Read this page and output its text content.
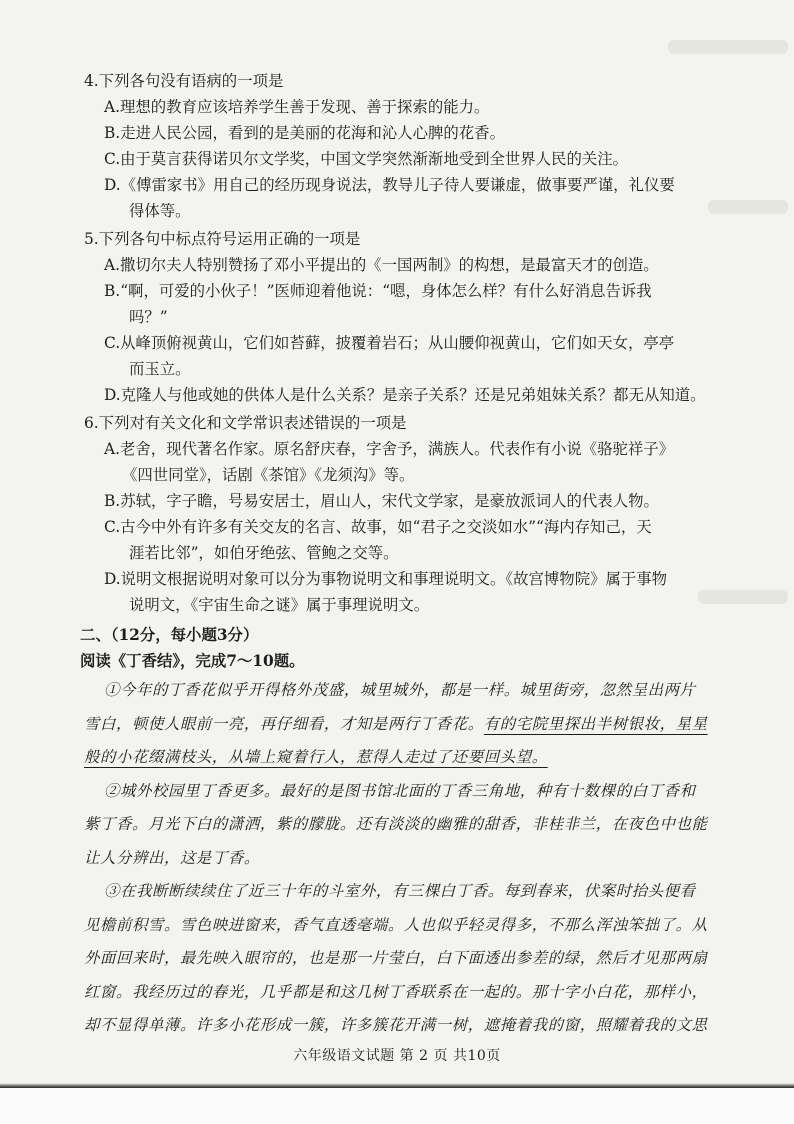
4.下列各句没有语病的一项是
A.理想的教育应该培养学生善于发现、善于探索的能力。
B.走进人民公园，看到的是美丽的花海和沁人心脾的花香。
C.由于莫言获得诺贝尔文学奖，中国文学突然渐渐地受到全世界人民的关注。
D.《傅雷家书》用自己的经历现身说法，教导儿子待人要谦虚，做事要严谨，礼仪要
得体等。
5.下列各句中标点符号运用正确的一项是
A.撒切尔夫人特别赞扬了邓小平提出的《一国两制》的构想，是最富天才的创造。
B.“啊，可爱的小伙子！”医师迎着他说：“嗯，身体怎么样？有什么好消息告诉我
吗？”
C.从峰顶俯视黄山，它们如苔藓，披覆着岩石；从山腰仰视黄山，它们如天女，亭亭
而玉立。
D.克隆人与他或她的供体人是什么关系？是亲子关系？还是兄弟姐妹关系？都无从知道。
6.下列对有关文化和文学常识表述错误的一项是
A.老舍，现代著名作家。原名舒庆春，字舍予，满族人。代表作有小说《骆驼祥子》
《四世同堂》，话剧《茶馆》《龙须沟》等。
B.苏轼，字子瞻，号易安居士，眉山人，宋代文学家，是豪放派词人的代表人物。
C.古今中外有许多有关交友的名言、故事，如“君子之交淡如水”“海内存知己，天
涯若比邻”，如伯牙绝弦、管鲍之交等。
D.说明文根据说明对象可以分为事物说明文和事理说明文。《故宫博物院》属于事物
说明文，《宇宙生命之谜》属于事理说明文。
二、（12分，每小题3分）
阅读《丁香结》，完成7～10题。
①今年的丁香花似乎开得格外茂盛，城里城外，都是一样。城里街旁，忽然呈出两片
雪白，顿使人眼前一亮，再仔细看，才知是两行丁香花。有的宅院里探出半树银妆，星星
般的小花缀满枝头，从墙上窥着行人，惹得人走过了还要回头望。
②城外校园里丁香更多。最好的是图书馆北面的丁香三角地，种有十数棵的白丁香和
紫丁香。月光下白的潇洒，紫的朦胧。还有淡淡的幽雅的甜香，非桂非兰，在夜色中也能
让人分辨出，这是丁香。
③在我断断续续住了近三十年的斗室外，有三棵白丁香。每到春来，伏案时抬头便看
见檐前积雪。雪色映进窗来，香气直透毫端。人也似乎轻灵得多，不那么浑浊笨拙了。从
外面回来时，最先映入眼帘的，也是那一片莹白，白下面透出参差的绿，然后才见那两扇
红窗。我经历过的春光，几乎都是和这几树丁香联系在一起的。那十字小白花，那样小，
却不显得单薄。许多小花形成一簇，许多簇花开满一树，遮掩着我的窗，照耀着我的文思
六年级语文试题 第 2 页 共10页
